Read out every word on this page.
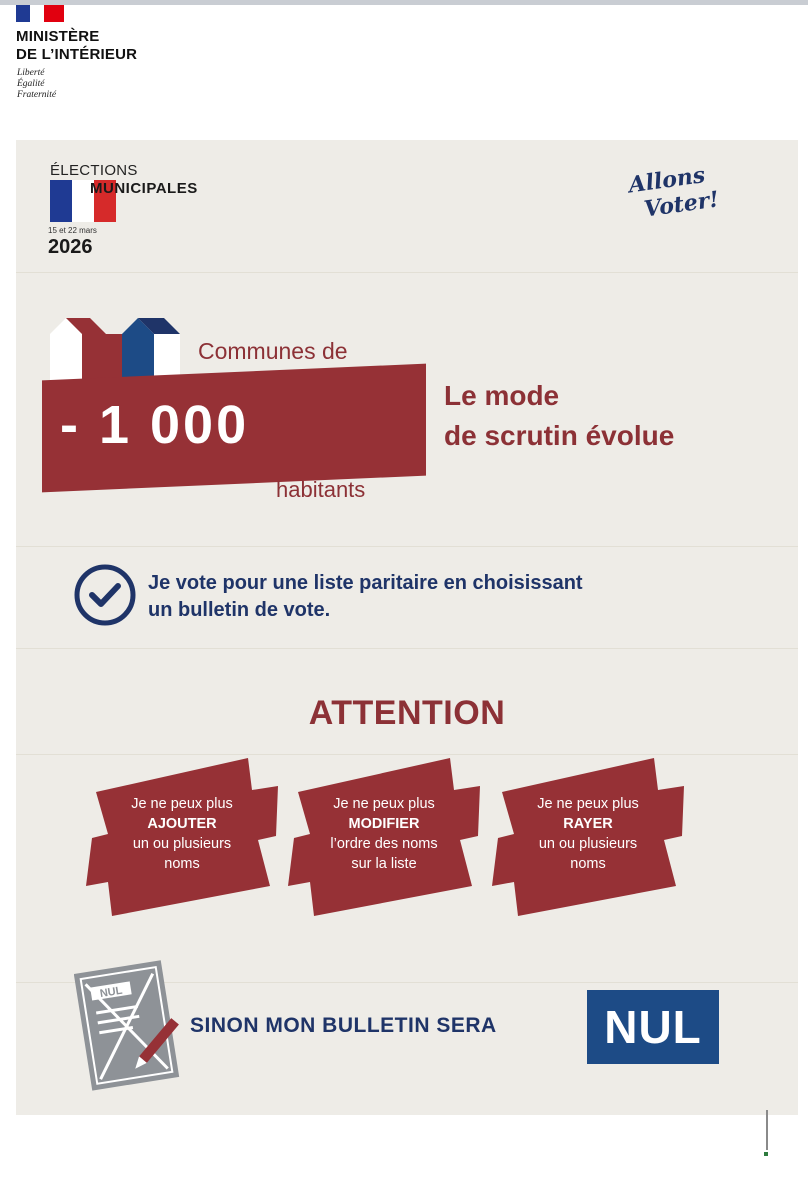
MINISTÈRE
DE L’INTÉRIEUR
Liberté
Égalité
Fraternité
ÉLECTIONS
MUNICIPALES
15 et 22 mars
2026
Allons
Voter!
Communes de
- 1 000
habitants
Le mode
de scrutin évolue
Je vote pour une liste paritaire en choisissant
un bulletin de vote.
ATTENTION
Je ne peux plus
AJOUTER
un ou plusieurs
noms
Je ne peux plus
MODIFIER
l’ordre des noms
sur la liste
Je ne peux plus
RAYER
un ou plusieurs
noms
NUL
SINON MON BULLETIN SERA	NUL
